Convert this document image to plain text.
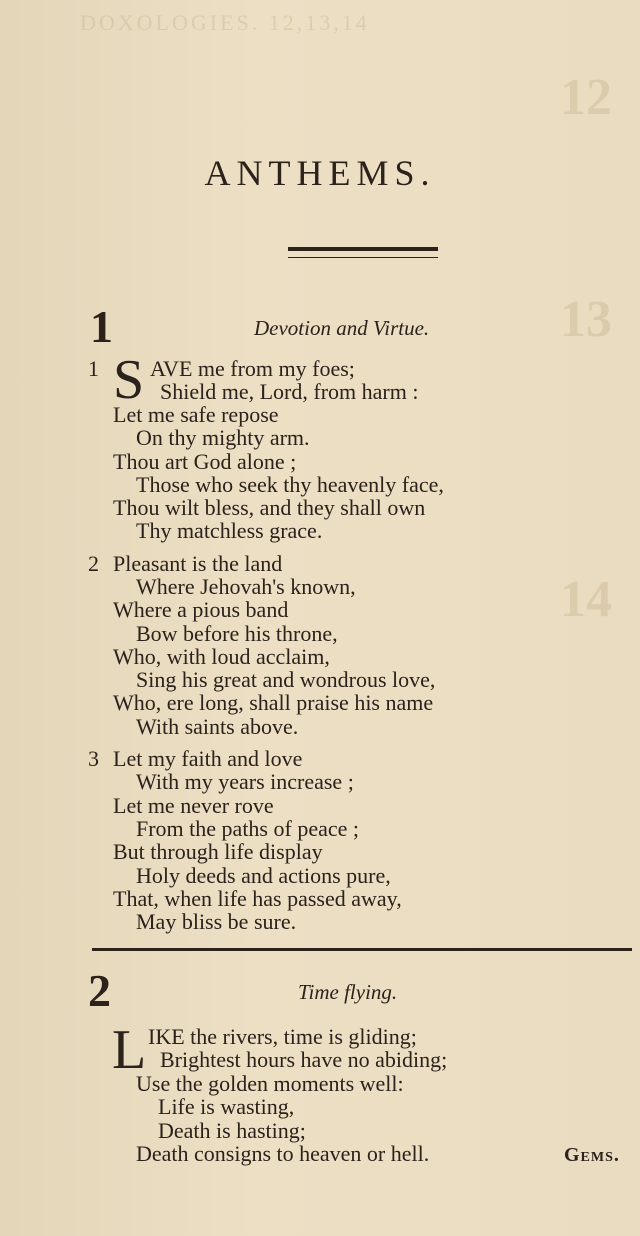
DOXOLOGIES. 12,13,14
12
13
14
ANTHEMS.
1	Devotion and Virtue.
1 S AVE me from my foes;
Shield me, Lord, from harm :
Let me safe repose
On thy mighty arm.
Thou art God alone ;
Those who seek thy heavenly face,
Thou wilt bless, and they shall own
Thy matchless grace.
2 Pleasant is the land
Where Jehovah's known,
Where a pious band
Bow before his throne,
Who, with loud acclaim,
Sing his great and wondrous love,
Who, ere long, shall praise his name
With saints above.
3 Let my faith and love
With my years increase ;
Let me never rove
From the paths of peace ;
But through life display
Holy deeds and actions pure,
That, when life has passed away,
May bliss be sure.
2	Time flying.
L IKE the rivers, time is gliding;
Brightest hours have no abiding;
Use the golden moments well:
Life is wasting,
Death is hasting;
Death consigns to heaven or hell.	Gems.
